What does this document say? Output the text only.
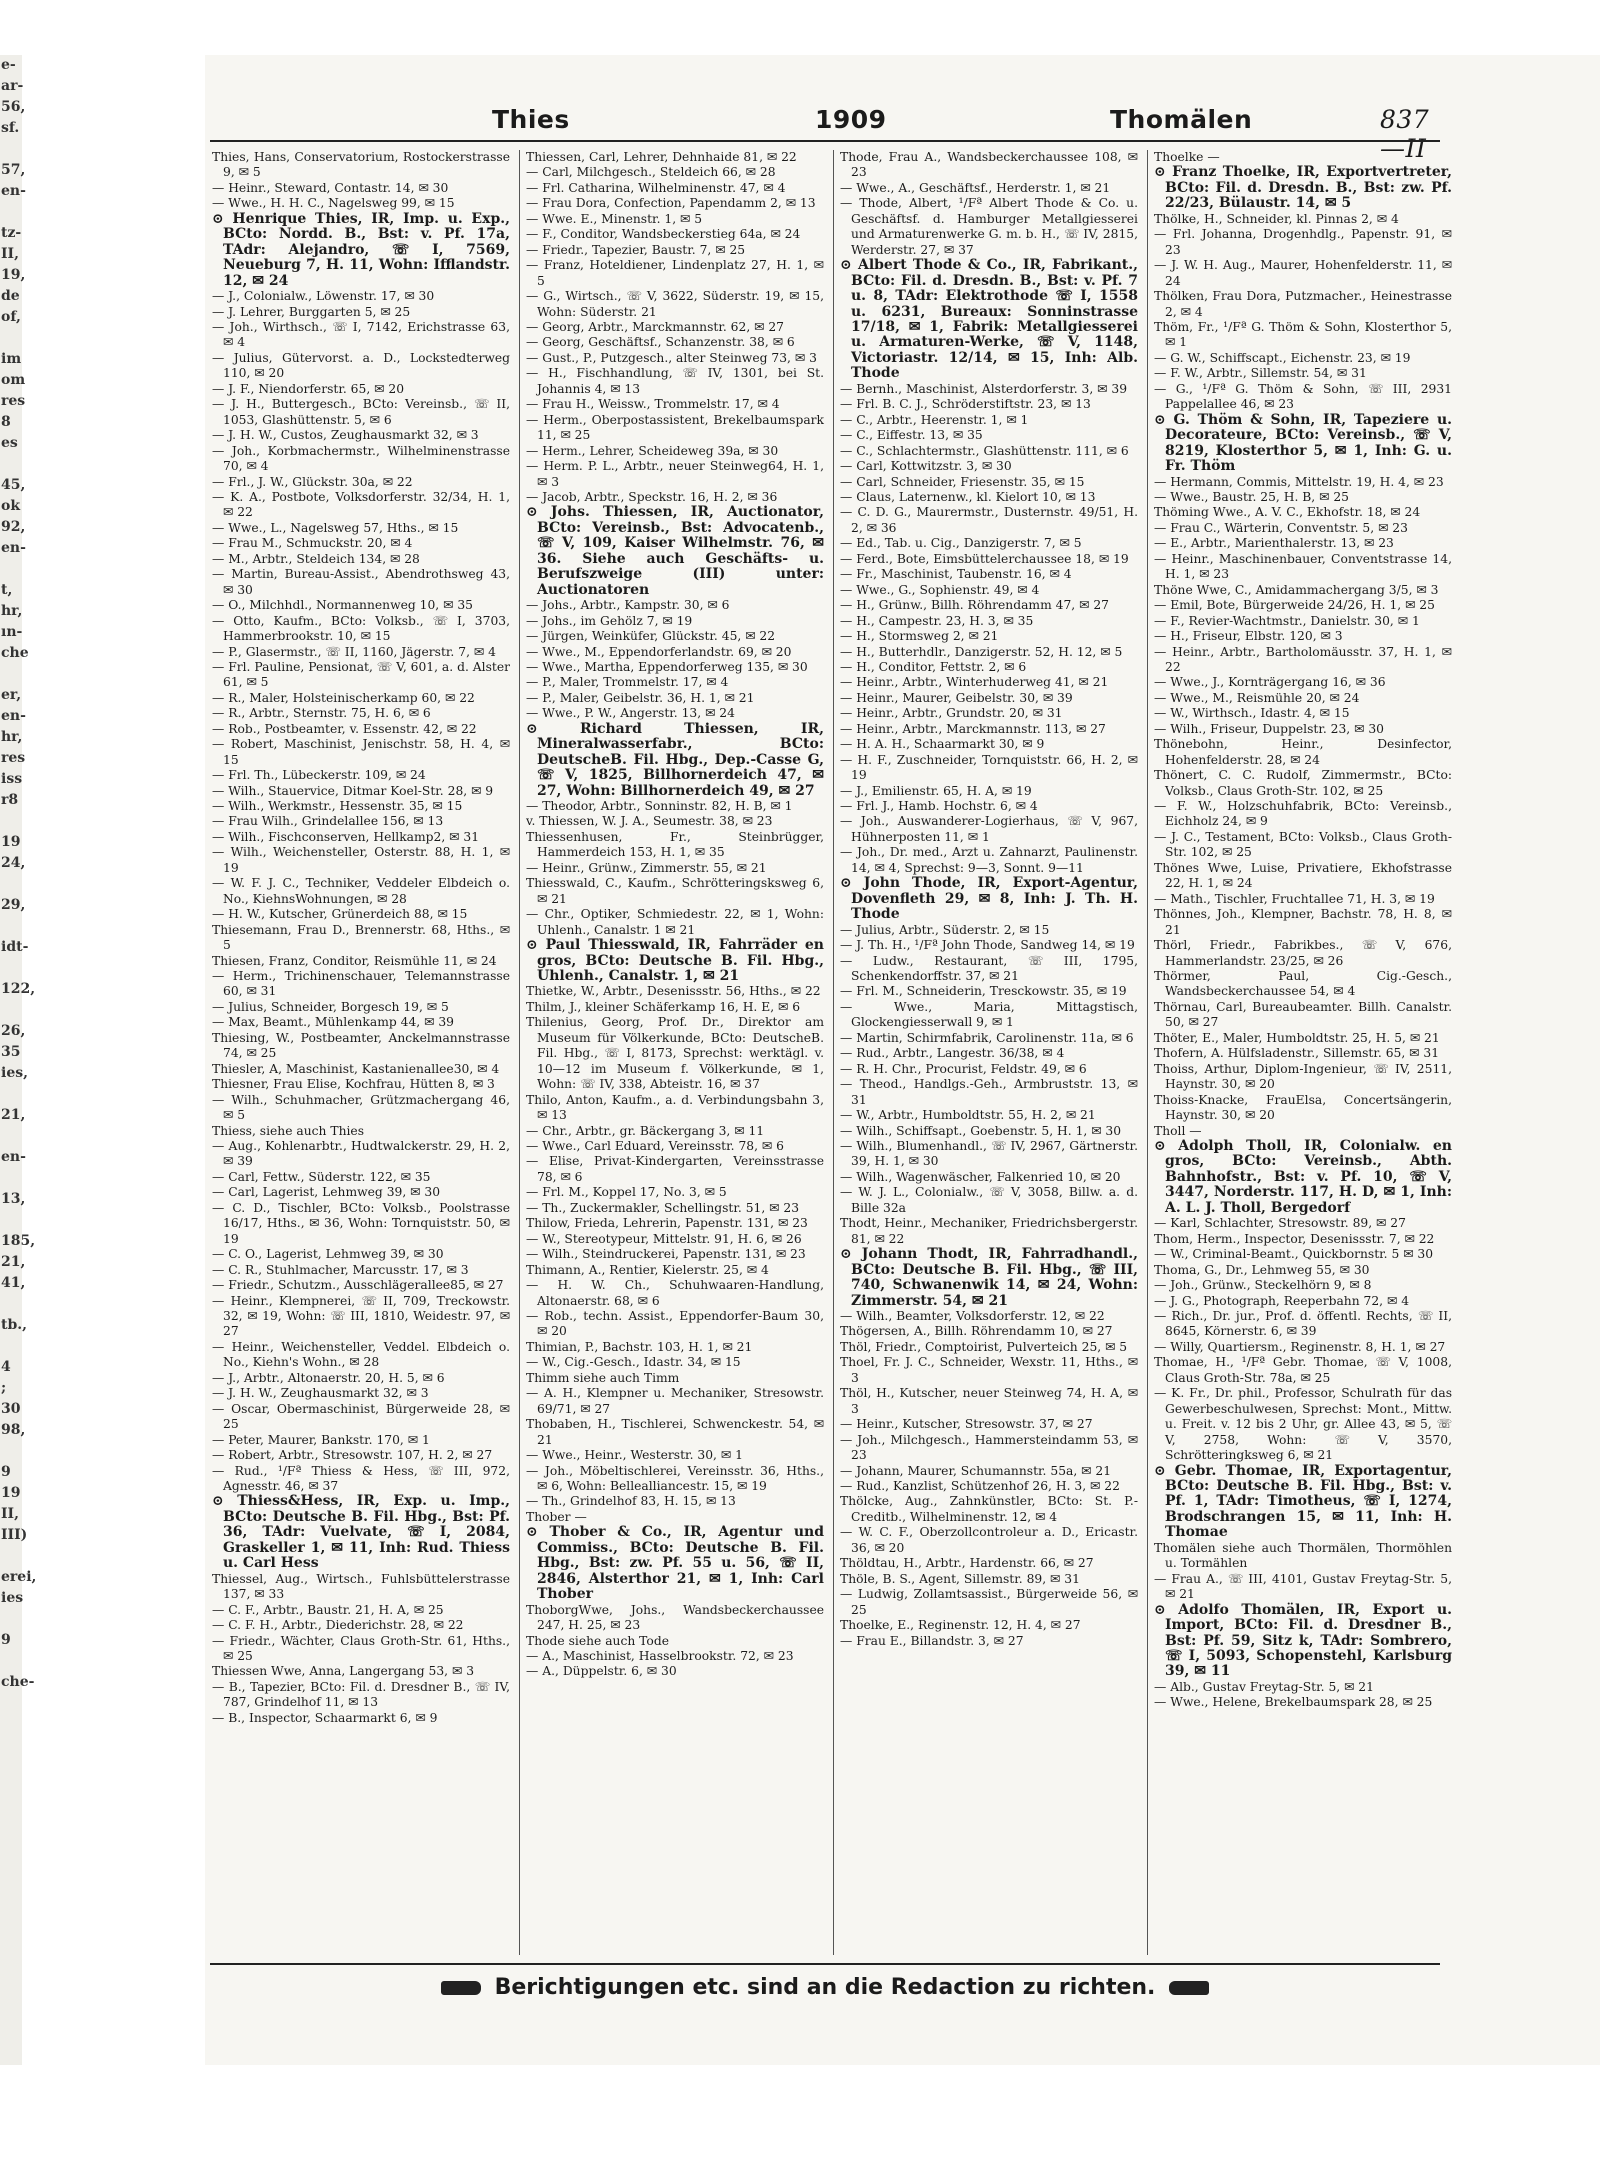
e-
ar-
56,
sf.

57,
en-

tz-
II,
19,
de
of,

im
om
res
8
es

45,
ok
92,
en-

t,
hr,
ın-
che

er,
en-
hr,
res
iss
r8

19
24,

29,

idt-

122,

26,
35
ies,

21,

en-

13,

185,
21,
41,

tb.,

4
; 30
98,

9
19
II,
III)

erei,
ies

9

che-
Thies	1909	Thomälen	837—II

Thies, Hans, Conservatorium, Rostockerstrasse 9, ✉ 5

— Heinr., Steward, Contastr. 14, ✉ 30

— Wwe., H. H. C., Nagelsweg 99, ✉ 15

⊙ Henrique Thies, IR, Imp. u. Exp., BCto: Nordd. B., Bst: v. Pf. 17a, TAdr: Alejandro, ☏ I, 7569, Neueburg 7, H. 11, Wohn: Ifflandstr. 12, ✉ 24

— J., Colonialw., Löwenstr. 17, ✉ 30

— J. Lehrer, Burggarten 5, ✉ 25

— Joh., Wirthsch., ☏ I, 7142, Erichstrasse 63, ✉ 4

— Julius, Gütervorst. a. D., Lockstedterweg 110, ✉ 20

— J. F., Niendorferstr. 65, ✉ 20

— J. H., Buttergesch., BCto: Vereinsb., ☏ II, 1053, Glashüttenstr. 5, ✉ 6

— J. H. W., Custos, Zeughausmarkt 32, ✉ 3

— Joh., Korbmachermstr., Wilhelminenstrasse 70, ✉ 4

— Frl., J. W., Glückstr. 30a, ✉ 22

— K. A., Postbote, Volksdorferstr. 32/34, H. 1, ✉ 22

— Wwe., L., Nagelsweg 57, Hths., ✉ 15

— Frau M., Schmuckstr. 20, ✉ 4

— M., Arbtr., Steldeich 134, ✉ 28

— Martin, Bureau-Assist., Abendrothsweg 43, ✉ 30

— O., Milchhdl., Normannenweg 10, ✉ 35

— Otto, Kaufm., BCto: Volksb., ☏ I, 3703, Hammerbrookstr. 10, ✉ 15

— P., Glasermstr., ☏ II, 1160, Jägerstr. 7, ✉ 4

— Frl. Pauline, Pensionat, ☏ V, 601, a. d. Alster 61, ✉ 5

— R., Maler, Holsteinischerkamp 60, ✉ 22

— R., Arbtr., Sternstr. 75, H. 6, ✉ 6

— Rob., Postbeamter, v. Essenstr. 42, ✉ 22

— Robert, Maschinist, Jenischstr. 58, H. 4, ✉ 15

— Frl. Th., Lübeckerstr. 109, ✉ 24

— Wilh., Stauervice, Ditmar Koel-Str. 28, ✉ 9

— Wilh., Werkmstr., Hessenstr. 35, ✉ 15

— Frau Wilh., Grindelallee 156, ✉ 13

— Wilh., Fischconserven, Hellkamp2, ✉ 31

— Wilh., Weichensteller, Osterstr. 88, H. 1, ✉ 19

— W. F. J. C., Techniker, Veddeler Elbdeich o. No., KiehnsWohnungen, ✉ 28

— H. W., Kutscher, Grünerdeich 88, ✉ 15

Thiesemann, Frau D., Brennerstr. 68, Hths., ✉ 5

Thiesen, Franz, Conditor, Reismühle 11, ✉ 24

— Herm., Trichinenschauer, Telemannstrasse 60, ✉ 31

— Julius, Schneider, Borgesch 19, ✉ 5

— Max, Beamt., Mühlenkamp 44, ✉ 39

Thiesing, W., Postbeamter, Anckelmannstrasse 74, ✉ 25

Thiesler, A, Maschinist, Kastanienallee30, ✉ 4

Thiesner, Frau Elise, Kochfrau, Hütten 8, ✉ 3

— Wilh., Schuhmacher, Grützmachergang 46, ✉ 5

Thiess, siehe auch Thies

— Aug., Kohlenarbtr., Hudtwalckerstr. 29, H. 2, ✉ 39

— Carl, Fettw., Süderstr. 122, ✉ 35

— Carl, Lagerist, Lehmweg 39, ✉ 30

— C. D., Tischler, BCto: Volksb., Poolstrasse 16/17, Hths., ✉ 36, Wohn: Tornquiststr. 50, ✉ 19

— C. O., Lagerist, Lehmweg 39, ✉ 30

— C. R., Stuhlmacher, Marcusstr. 17, ✉ 3

— Friedr., Schutzm., Ausschlägerallee85, ✉ 27

— Heinr., Klempnerei, ☏ II, 709, Treckowstr. 32, ✉ 19, Wohn: ☏ III, 1810, Weidestr. 97, ✉ 27

— Heinr., Weichensteller, Veddel. Elbdeich o. No., Kiehn's Wohn., ✉ 28

— J., Arbtr., Altonaerstr. 20, H. 5, ✉ 6

— J. H. W., Zeughausmarkt 32, ✉ 3

— Oscar, Obermaschinist, Bürgerweide 28, ✉ 25

— Peter, Maurer, Bankstr. 170, ✉ 1

— Robert, Arbtr., Stresowstr. 107, H. 2, ✉ 27

— Rud., ¹/Fª Thiess & Hess, ☏ III, 972, Agnesstr. 46, ✉ 37

⊙ Thiess&Hess, IR, Exp. u. Imp., BCto: Deutsche B. Fil. Hbg., Bst: Pf. 36, TAdr: Vuelvate, ☏ I, 2084, Graskeller 1, ✉ 11, Inh: Rud. Thiess u. Carl Hess

Thiessel, Aug., Wirtsch., Fuhlsbüttelerstrasse 137, ✉ 33

— C. F., Arbtr., Baustr. 21, H. A, ✉ 25

— C. F. H., Arbtr., Diederichstr. 28, ✉ 22

— Friedr., Wächter, Claus Groth-Str. 61, Hths., ✉ 25

Thiessen Wwe, Anna, Langergang 53, ✉ 3

— B., Tapezier, BCto: Fil. d. Dresdner B., ☏ IV, 787, Grindelhof 11, ✉ 13

— B., Inspector, Schaarmarkt 6, ✉ 9

Thiessen, Carl, Lehrer, Dehnhaide 81, ✉ 22

— Carl, Milchgesch., Steldeich 66, ✉ 28

— Frl. Catharina, Wilhelminenstr. 47, ✉ 4

— Frau Dora, Confection, Papendamm 2, ✉ 13

— Wwe. E., Minenstr. 1, ✉ 5

— F., Conditor, Wandsbeckerstieg 64a, ✉ 24

— Friedr., Tapezier, Baustr. 7, ✉ 25

— Franz, Hoteldiener, Lindenplatz 27, H. 1, ✉ 5

— G., Wirtsch., ☏ V, 3622, Süderstr. 19, ✉ 15, Wohn: Süderstr. 21

— Georg, Arbtr., Marckmannstr. 62, ✉ 27

— Georg, Geschäftsf., Schanzenstr. 38, ✉ 6

— Gust., P., Putzgesch., alter Steinweg 73, ✉ 3

— H., Fischhandlung, ☏ IV, 1301, bei St. Johannis 4, ✉ 13

— Frau H., Weissw., Trommelstr. 17, ✉ 4

— Herm., Oberpostassistent, Brekelbaumspark 11, ✉ 25

— Herm., Lehrer, Scheideweg 39a, ✉ 30

— Herm. P. L., Arbtr., neuer Steinweg64, H. 1, ✉ 3

— Jacob, Arbtr., Speckstr. 16, H. 2, ✉ 36

⊙ Johs. Thiessen, IR, Auctionator, BCto: Vereinsb., Bst: Advocatenb., ☏ V, 109, Kaiser Wilhelmstr. 76, ✉ 36. Siehe auch Geschäfts- u. Berufszweige (III) unter: Auctionatoren

— Johs., Arbtr., Kampstr. 30, ✉ 6

— Johs., im Gehölz 7, ✉ 19

— Jürgen, Weinküfer, Glückstr. 45, ✉ 22

— Wwe., M., Eppendorferlandstr. 69, ✉ 20

— Wwe., Martha, Eppendorferweg 135, ✉ 30

— P., Maler, Trommelstr. 17, ✉ 4

— P., Maler, Geibelstr. 36, H. 1, ✉ 21

— Wwe., P. W., Angerstr. 13, ✉ 24

⊙ Richard Thiessen, IR, Mineralwasserfabr., BCto: DeutscheB. Fil. Hbg., Dep.-Casse G, ☏ V, 1825, Billhornerdeich 47, ✉ 27, Wohn: Billhornerdeich 49, ✉ 27

— Theodor, Arbtr., Sonninstr. 82, H. B, ✉ 1

v. Thiessen, W. J. A., Seumestr. 38, ✉ 23

Thiessenhusen, Fr., Steinbrügger, Hammerdeich 153, H. 1, ✉ 35

— Heinr., Grünw., Zimmerstr. 55, ✉ 21

Thiesswald, C., Kaufm., Schrötteringsksweg 6, ✉ 21

— Chr., Optiker, Schmiedestr. 22, ✉ 1, Wohn: Uhlenh., Canalstr. 1 ✉ 21

⊙ Paul Thiesswald, IR, Fahrräder en gros, BCto: Deutsche B. Fil. Hbg., Uhlenh., Canalstr. 1, ✉ 21

Thietke, W., Arbtr., Desenissstr. 56, Hths., ✉ 22

Thilm, J., kleiner Schäferkamp 16, H. E, ✉ 6

Thilenius, Georg, Prof. Dr., Direktor am Museum für Völkerkunde, BCto: DeutscheB. Fil. Hbg., ☏ I, 8173, Sprechst: werktägl. v. 10—12 im Museum f. Völkerkunde, ✉ 1, Wohn: ☏ IV, 338, Abteistr. 16, ✉ 37

Thilo, Anton, Kaufm., a. d. Verbindungsbahn 3, ✉ 13

— Chr., Arbtr., gr. Bäckergang 3, ✉ 11

— Wwe., Carl Eduard, Vereinsstr. 78, ✉ 6

— Elise, Privat-Kindergarten, Vereinsstrasse 78, ✉ 6

— Frl. M., Koppel 17, No. 3, ✉ 5

— Th., Zuckermakler, Schellingstr. 51, ✉ 23

Thilow, Frieda, Lehrerin, Papenstr. 131, ✉ 23

— W., Stereotypeur, Mittelstr. 91, H. 6, ✉ 26

— Wilh., Steindruckerei, Papenstr. 131, ✉ 23

Thimann, A., Rentier, Kielerstr. 25, ✉ 4

— H. W. Ch., Schuhwaaren-Handlung, Altonaerstr. 68, ✉ 6

— Rob., techn. Assist., Eppendorfer-Baum 30, ✉ 20

Thimian, P., Bachstr. 103, H. 1, ✉ 21

— W., Cig.-Gesch., Idastr. 34, ✉ 15

Thimm siehe auch Timm

— A. H., Klempner u. Mechaniker, Stresowstr. 69/71, ✉ 27

Thobaben, H., Tischlerei, Schwenckestr. 54, ✉ 21

— Wwe., Heinr., Westerstr. 30, ✉ 1

— Joh., Möbeltischlerei, Vereinsstr. 36, Hths., ✉ 6, Wohn: Bellealliancestr. 15, ✉ 19

— Th., Grindelhof 83, H. 15, ✉ 13

Thober —

⊙ Thober & Co., IR, Agentur und Commiss., BCto: Deutsche B. Fil. Hbg., Bst: zw. Pf. 55 u. 56, ☏ II, 2846, Alsterthor 21, ✉ 1, Inh: Carl Thober

ThoborgWwe, Johs., Wandsbeckerchaussee 247, H. 25, ✉ 23

Thode siehe auch Tode

— A., Maschinist, Hasselbrookstr. 72, ✉ 23

— A., Düppelstr. 6, ✉ 30

Thode, Frau A., Wandsbeckerchaussee 108, ✉ 23

— Wwe., A., Geschäftsf., Herderstr. 1, ✉ 21

— Thode, Albert, ¹/Fª Albert Thode & Co. u. Geschäftsf. d. Hamburger Metallgiesserei und Armaturenwerke G. m. b. H., ☏ IV, 2815, Werderstr. 27, ✉ 37

⊙ Albert Thode & Co., IR, Fabrikant., BCto: Fil. d. Dresdn. B., Bst: v. Pf. 7 u. 8, TAdr: Elektrothode ☏ I, 1558 u. 6231, Bureaux: Sonninstrasse 17/18, ✉ 1, Fabrik: Metallgiesserei u. Armaturen-Werke, ☏ V, 1148, Victoriastr. 12/14, ✉ 15, Inh: Alb. Thode

— Bernh., Maschinist, Alsterdorferstr. 3, ✉ 39

— Frl. B. C. J., Schröderstiftstr. 23, ✉ 13

— C., Arbtr., Heerenstr. 1, ✉ 1

— C., Eiffestr. 13, ✉ 35

— C., Schlachtermstr., Glashüttenstr. 111, ✉ 6

— Carl, Kottwitzstr. 3, ✉ 30

— Carl, Schneider, Friesenstr. 35, ✉ 15

— Claus, Laternenw., kl. Kielort 10, ✉ 13

— C. D. G., Maurermstr., Dusternstr. 49/51, H. 2, ✉ 36

— Ed., Tab. u. Cig., Danzigerstr. 7, ✉ 5

— Ferd., Bote, Eimsbüttelerchaussee 18, ✉ 19

— Fr., Maschinist, Taubenstr. 16, ✉ 4

— Wwe., G., Sophienstr. 49, ✉ 4

— H., Grünw., Billh. Röhrendamm 47, ✉ 27

— H., Campestr. 23, H. 3, ✉ 35

— H., Stormsweg 2, ✉ 21

— H., Butterhdlr., Danzigerstr. 52, H. 12, ✉ 5

— H., Conditor, Fettstr. 2, ✉ 6

— Heinr., Arbtr., Winterhuderweg 41, ✉ 21

— Heinr., Maurer, Geibelstr. 30, ✉ 39

— Heinr., Arbtr., Grundstr. 20, ✉ 31

— Heinr., Arbtr., Marckmannstr. 113, ✉ 27

— H. A. H., Schaarmarkt 30, ✉ 9

— H. F., Zuschneider, Tornquiststr. 66, H. 2, ✉ 19

— J., Emilienstr. 65, H. A, ✉ 19

— Frl. J., Hamb. Hochstr. 6, ✉ 4

— Joh., Auswanderer-Logierhaus, ☏ V, 967, Hühnerposten 11, ✉ 1

— Joh., Dr. med., Arzt u. Zahnarzt, Paulinenstr. 14, ✉ 4, Sprechst: 9—3, Sonnt. 9—11

⊙ John Thode, IR, Export-Agentur, Dovenfleth 29, ✉ 8, Inh: J. Th. H. Thode

— Julius, Arbtr., Süderstr. 2, ✉ 15

— J. Th. H., ¹/Fª John Thode, Sandweg 14, ✉ 19

— Ludw., Restaurant, ☏ III, 1795, Schenkendorffstr. 37, ✉ 21

— Frl. M., Schneiderin, Tresckowstr. 35, ✉ 19

— Wwe., Maria, Mittagstisch, Glockengiesserwall 9, ✉ 1

— Martin, Schirmfabrik, Carolinenstr. 11a, ✉ 6

— Rud., Arbtr., Langestr. 36/38, ✉ 4

— R. H. Chr., Procurist, Feldstr. 49, ✉ 6

— Theod., Handlgs.-Geh., Armbruststr. 13, ✉ 31

— W., Arbtr., Humboldtstr. 55, H. 2, ✉ 21

— Wilh., Schiffsapt., Goebenstr. 5, H. 1, ✉ 30

— Wilh., Blumenhandl., ☏ IV, 2967, Gärtnerstr. 39, H. 1, ✉ 30

— Wilh., Wagenwäscher, Falkenried 10, ✉ 20

— W. J. L., Colonialw., ☏ V, 3058, Billw. a. d. Bille 32a

Thodt, Heinr., Mechaniker, Friedrichsbergerstr. 81, ✉ 22

⊙ Johann Thodt, IR, Fahrradhandl., BCto: Deutsche B. Fil. Hbg., ☏ III, 740, Schwanenwik 14, ✉ 24, Wohn: Zimmerstr. 54, ✉ 21

— Wilh., Beamter, Volksdorferstr. 12, ✉ 22

Thögersen, A., Billh. Röhrendamm 10, ✉ 27

Thöl, Friedr., Comptoirist, Pulverteich 25, ✉ 5

Thoel, Fr. J. C., Schneider, Wexstr. 11, Hths., ✉ 3

Thöl, H., Kutscher, neuer Steinweg 74, H. A, ✉ 3

— Heinr., Kutscher, Stresowstr. 37, ✉ 27

— Joh., Milchgesch., Hammersteindamm 53, ✉ 23

— Johann, Maurer, Schumannstr. 55a, ✉ 21

— Rud., Kanzlist, Schützenhof 26, H. 3, ✉ 22

Thölcke, Aug., Zahnkünstler, BCto: St. P.-Creditb., Wilhelminenstr. 12, ✉ 4

— W. C. F., Oberzollcontroleur a. D., Ericastr. 36, ✉ 20

Thöldtau, H., Arbtr., Hardenstr. 66, ✉ 27

Thöle, B. S., Agent, Sillemstr. 89, ✉ 31

— Ludwig, Zollamtsassist., Bürgerweide 56, ✉ 25

Thoelke, E., Reginenstr. 12, H. 4, ✉ 27

— Frau E., Billandstr. 3, ✉ 27

Thoelke —

⊙ Franz Thoelke, IR, Exportvertreter, BCto: Fil. d. Dresdn. B., Bst: zw. Pf. 22/23, Bülaustr. 14, ✉ 5

Thölke, H., Schneider, kl. Pinnas 2, ✉ 4

— Frl. Johanna, Drogenhdlg., Papenstr. 91, ✉ 23

— J. W. H. Aug., Maurer, Hohenfelderstr. 11, ✉ 24

Thölken, Frau Dora, Putzmacher., Heinestrasse 2, ✉ 4

Thöm, Fr., ¹/Fª G. Thöm & Sohn, Klosterthor 5, ✉ 1

— G. W., Schiffscapt., Eichenstr. 23, ✉ 19

— F. W., Arbtr., Sillemstr. 54, ✉ 31

— G., ¹/Fª G. Thöm & Sohn, ☏ III, 2931 Pappelallee 46, ✉ 23

⊙ G. Thöm & Sohn, IR, Tapeziere u. Decorateure, BCto: Vereinsb., ☏ V, 8219, Klosterthor 5, ✉ 1, Inh: G. u. Fr. Thöm

— Hermann, Commis, Mittelstr. 19, H. 4, ✉ 23

— Wwe., Baustr. 25, H. B, ✉ 25

Thöming Wwe., A. V. C., Ekhofstr. 18, ✉ 24

— Frau C., Wärterin, Conventstr. 5, ✉ 23

— E., Arbtr., Marienthalerstr. 13, ✉ 23

— Heinr., Maschinenbauer, Conventstrasse 14, H. 1, ✉ 23

Thöne Wwe, C., Amidammachergang 3/5, ✉ 3

— Emil, Bote, Bürgerweide 24/26, H. 1, ✉ 25

— F., Revier-Wachtmstr., Danielstr. 30, ✉ 1

— H., Friseur, Elbstr. 120, ✉ 3

— Heinr., Arbtr., Bartholomäusstr. 37, H. 1, ✉ 22

— Wwe., J., Kornträgergang 16, ✉ 36

— Wwe., M., Reismühle 20, ✉ 24

— W., Wirthsch., Idastr. 4, ✉ 15

— Wilh., Friseur, Duppelstr. 23, ✉ 30

Thönebohn, Heinr., Desinfector, Hohenfelderstr. 28, ✉ 24

Thönert, C. C. Rudolf, Zimmermstr., BCto: Volksb., Claus Groth-Str. 102, ✉ 25

— F. W., Holzschuhfabrik, BCto: Vereinsb., Eichholz 24, ✉ 9

— J. C., Testament, BCto: Volksb., Claus Groth-Str. 102, ✉ 25

Thönes Wwe, Luise, Privatiere, Ekhofstrasse 22, H. 1, ✉ 24

— Math., Tischler, Fruchtallee 71, H. 3, ✉ 19

Thönnes, Joh., Klempner, Bachstr. 78, H. 8, ✉ 21

Thörl, Friedr., Fabrikbes., ☏ V, 676, Hammerlandstr. 23/25, ✉ 26

Thörmer, Paul, Cig.-Gesch., Wandsbeckerchaussee 54, ✉ 4

Thörnau, Carl, Bureaubeamter. Billh. Canalstr. 50, ✉ 27

Thöter, E., Maler, Humboldtstr. 25, H. 5, ✉ 21

Thofern, A. Hülfsladenstr., Sillemstr. 65, ✉ 31

Thoiss, Arthur, Diplom-Ingenieur, ☏ IV, 2511, Haynstr. 30, ✉ 20

Thoiss-Knacke, FrauElsa, Concertsängerin, Haynstr. 30, ✉ 20

Tholl —

⊙ Adolph Tholl, IR, Colonialw. en gros, BCto: Vereinsb., Abth. Bahnhofstr., Bst: v. Pf. 10, ☏ V, 3447, Norderstr. 117, H. D, ✉ 1, Inh: A. L. J. Tholl, Bergedorf

— Karl, Schlachter, Stresowstr. 89, ✉ 27

Thom, Herm., Inspector, Desenissstr. 7, ✉ 22

— W., Criminal-Beamt., Quickbornstr. 5 ✉ 30

Thoma, G., Dr., Lehmweg 55, ✉ 30

— Joh., Grünw., Steckelhörn 9, ✉ 8

— J. G., Photograph, Reeperbahn 72, ✉ 4

— Rich., Dr. jur., Prof. d. öffentl. Rechts, ☏ II, 8645, Körnerstr. 6, ✉ 39

— Willy, Quartiersm., Reginenstr. 8, H. 1, ✉ 27

Thomae, H., ¹/Fª Gebr. Thomae, ☏ V, 1008, Claus Groth-Str. 78a, ✉ 25

— K. Fr., Dr. phil., Professor, Schulrath für das Gewerbeschulwesen, Sprechst: Mont., Mittw. u. Freit. v. 12 bis 2 Uhr, gr. Allee 43, ✉ 5, ☏ V, 2758, Wohn: ☏ V, 3570, Schrötteringksweg 6, ✉ 21

⊙ Gebr. Thomae, IR, Exportagentur, BCto: Deutsche B. Fil. Hbg., Bst: v. Pf. 1, TAdr: Timotheus, ☏ I, 1274, Brodschrangen 15, ✉ 11, Inh: H. Thomae

Thomälen siehe auch Thormälen, Thormöhlen u. Tormählen

— Frau A., ☏ III, 4101, Gustav Freytag-Str. 5, ✉ 21

⊙ Adolfo Thomälen, IR, Export u. Import, BCto: Fil. d. Dresdner B., Bst: Pf. 59, Sitz k, TAdr: Sombrero, ☏ I, 5093, Schopenstehl, Karlsburg 39, ✉ 11

— Alb., Gustav Freytag-Str. 5, ✉ 21

— Wwe., Helene, Brekelbaumspark 28, ✉ 25

Berichtigungen etc. sind an die Redaction zu richten.
